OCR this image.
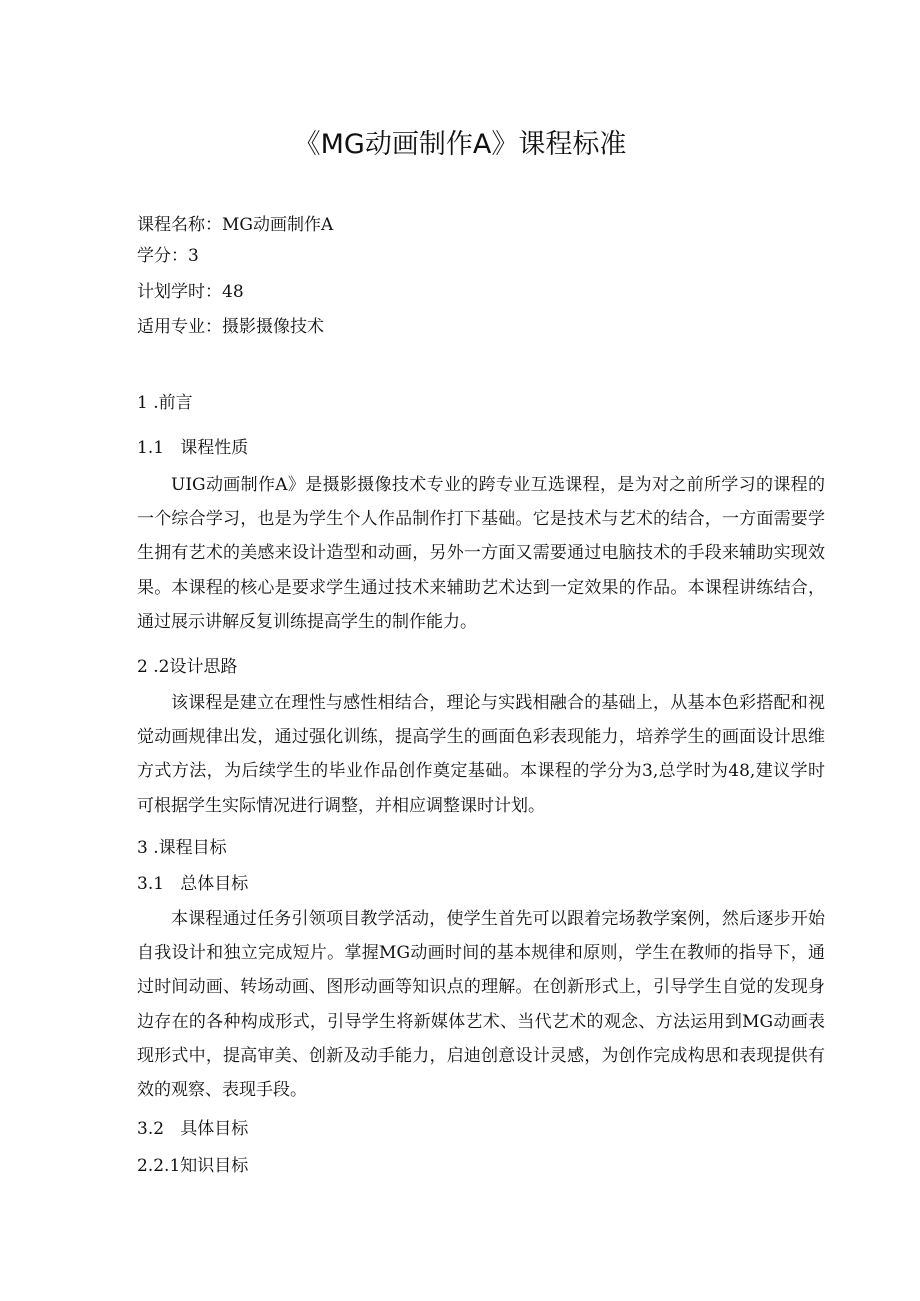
《MG动画制作A》课程标准
课程名称：MG动画制作A
学分：3
计划学时：48
适用专业：摄影摄像技术
1 .前言
1.1   课程性质
UIG动画制作A》是摄影摄像技术专业的跨专业互选课程，是为对之前所学习的课程的一个综合学习，也是为学生个人作品制作打下基础。它是技术与艺术的结合，一方面需要学生拥有艺术的美感来设计造型和动画，另外一方面又需要通过电脑技术的手段来辅助实现效果。本课程的核心是要求学生通过技术来辅助艺术达到一定效果的作品。本课程讲练结合，通过展示讲解反复训练提高学生的制作能力。
2 .2设计思路
该课程是建立在理性与感性相结合，理论与实践相融合的基础上，从基本色彩搭配和视觉动画规律出发，通过强化训练，提高学生的画面色彩表现能力，培养学生的画面设计思维方式方法，为后续学生的毕业作品创作奠定基础。本课程的学分为3,总学时为48,建议学时可根据学生实际情况进行调整，并相应调整课时计划。
3 .课程目标
3.1   总体目标
本课程通过任务引领项目教学活动，使学生首先可以跟着完场教学案例，然后逐步开始自我设计和独立完成短片。掌握MG动画时间的基本规律和原则，学生在教师的指导下，通过时间动画、转场动画、图形动画等知识点的理解。在创新形式上，引导学生自觉的发现身边存在的各种构成形式，引导学生将新媒体艺术、当代艺术的观念、方法运用到MG动画表现形式中，提高审美、创新及动手能力，启迪创意设计灵感，为创作完成构思和表现提供有效的观察、表现手段。
3.2   具体目标
2.2.1知识目标
